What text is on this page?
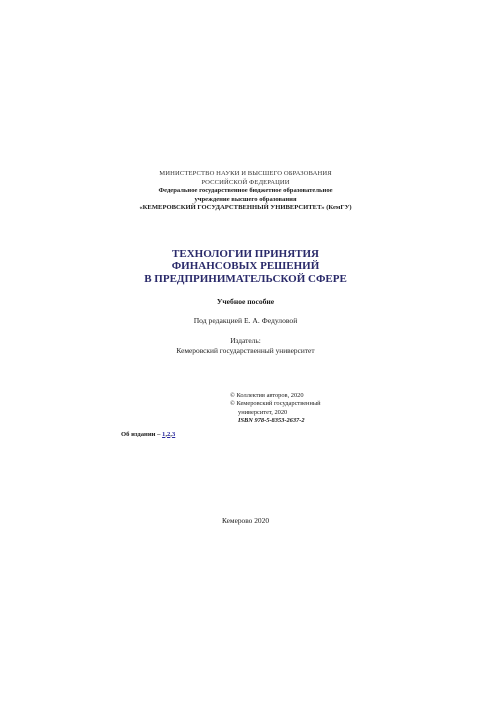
МИНИСТЕРСТВО НАУКИ И ВЫСШЕГО ОБРАЗОВАНИЯ
РОССИЙСКОЙ ФЕДЕРАЦИИ
Федеральное государственное бюджетное образовательное
учреждение высшего образования
«КЕМЕРОВСКИЙ ГОСУДАРСТВЕННЫЙ УНИВЕРСИТЕТ» (КемГУ)
ТЕХНОЛОГИИ ПРИНЯТИЯ
ФИНАНСОВЫХ РЕШЕНИЙ
В ПРЕДПРИНИМАТЕЛЬСКОЙ СФЕРЕ
Учебное пособие
Под редакцией Е. А. Федуловой
Издатель:
Кемеровский государственный университет
© Коллектив авторов, 2020
© Кемеровский государственный
университет, 2020
ISBN 978-5-8353-2637-2
Об издании – 1,2,3
Кемерово 2020
